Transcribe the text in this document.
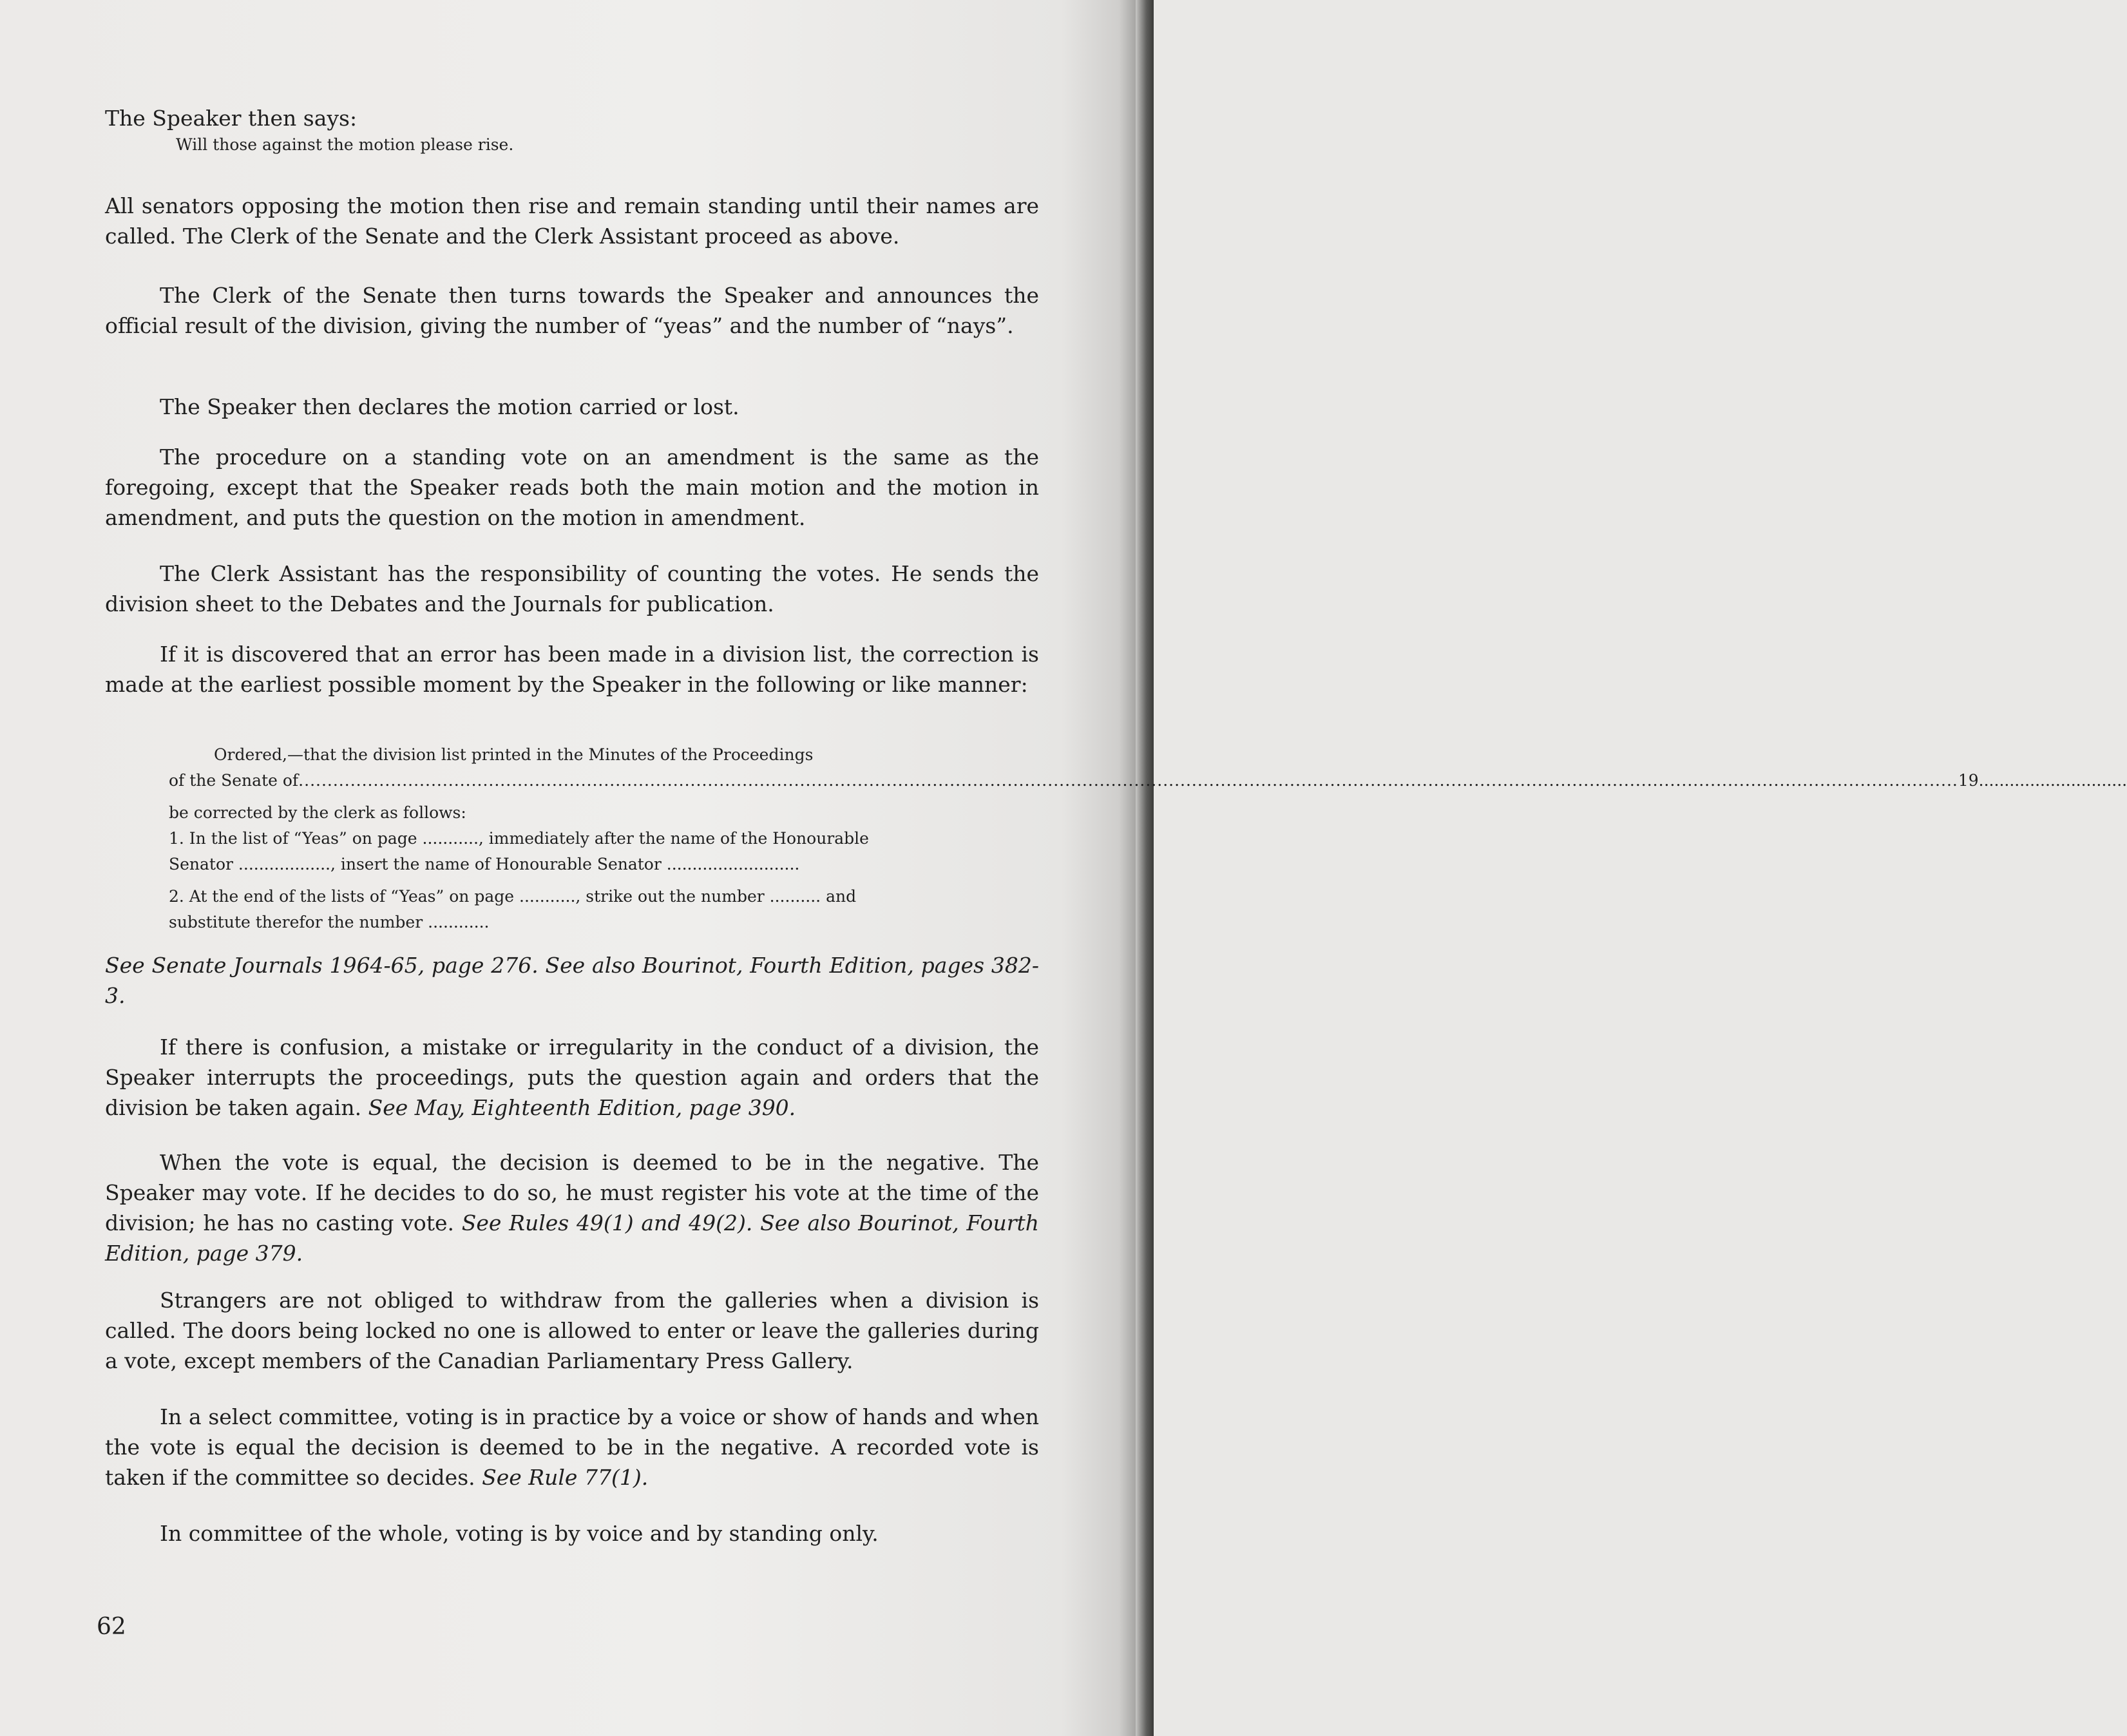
The Speaker then says:

Will those against the motion please rise.

All senators opposing the motion then rise and remain standing until their names are called. The Clerk of the Senate and the Clerk Assistant proceed as above.

The Clerk of the Senate then turns towards the Speaker and announces the official result of the division, giving the number of “yeas” and the number of “nays”.

The Speaker then declares the motion carried or lost.

The procedure on a standing vote on an amendment is the same as the foregoing, except that the Speaker reads both the main motion and the motion in amendment, and puts the question on the motion in amendment.

The Clerk Assistant has the responsibility of counting the votes. He sends the division sheet to the Debates and the Journals for publication.

If it is discovered that an error has been made in a division list, the correction is made at the earliest possible moment by the Speaker in the following or like manner:

Ordered,—that the division list printed in the Minutes of the Proceedings

of the Senate of
.....	19 .............................

be corrected by the clerk as follows:

1. In the list of “Yeas” on page ..........., immediately after the name of the Honourable

Senator .................., insert the name of Honourable Senator ..........................

2. At the end of the lists of “Yeas” on page ..........., strike out the number .......... and

substitute therefor the number ............

See Senate Journals 1964-65, page 276. See also Bourinot, Fourth Edition, pages 382-3.

If there is confusion, a mistake or irregularity in the conduct of a division, the Speaker interrupts the proceedings, puts the question again and orders that the division be taken again. See May, Eighteenth Edition, page 390.

When the vote is equal, the decision is deemed to be in the negative. The Speaker may vote. If he decides to do so, he must register his vote at the time of the division; he has no casting vote. See Rules 49(1) and 49(2). See also Bourinot, Fourth Edition, page 379.

Strangers are not obliged to withdraw from the galleries when a division is called. The doors being locked no one is allowed to enter or leave the galleries during a vote, except members of the Canadian Parliamentary Press Gallery.

In a select committee, voting is in practice by a voice or show of hands and when the vote is equal the decision is deemed to be in the negative. A recorded vote is taken if the committee so decides. See Rule 77(1).

In committee of the whole, voting is by voice and by standing only.

62
